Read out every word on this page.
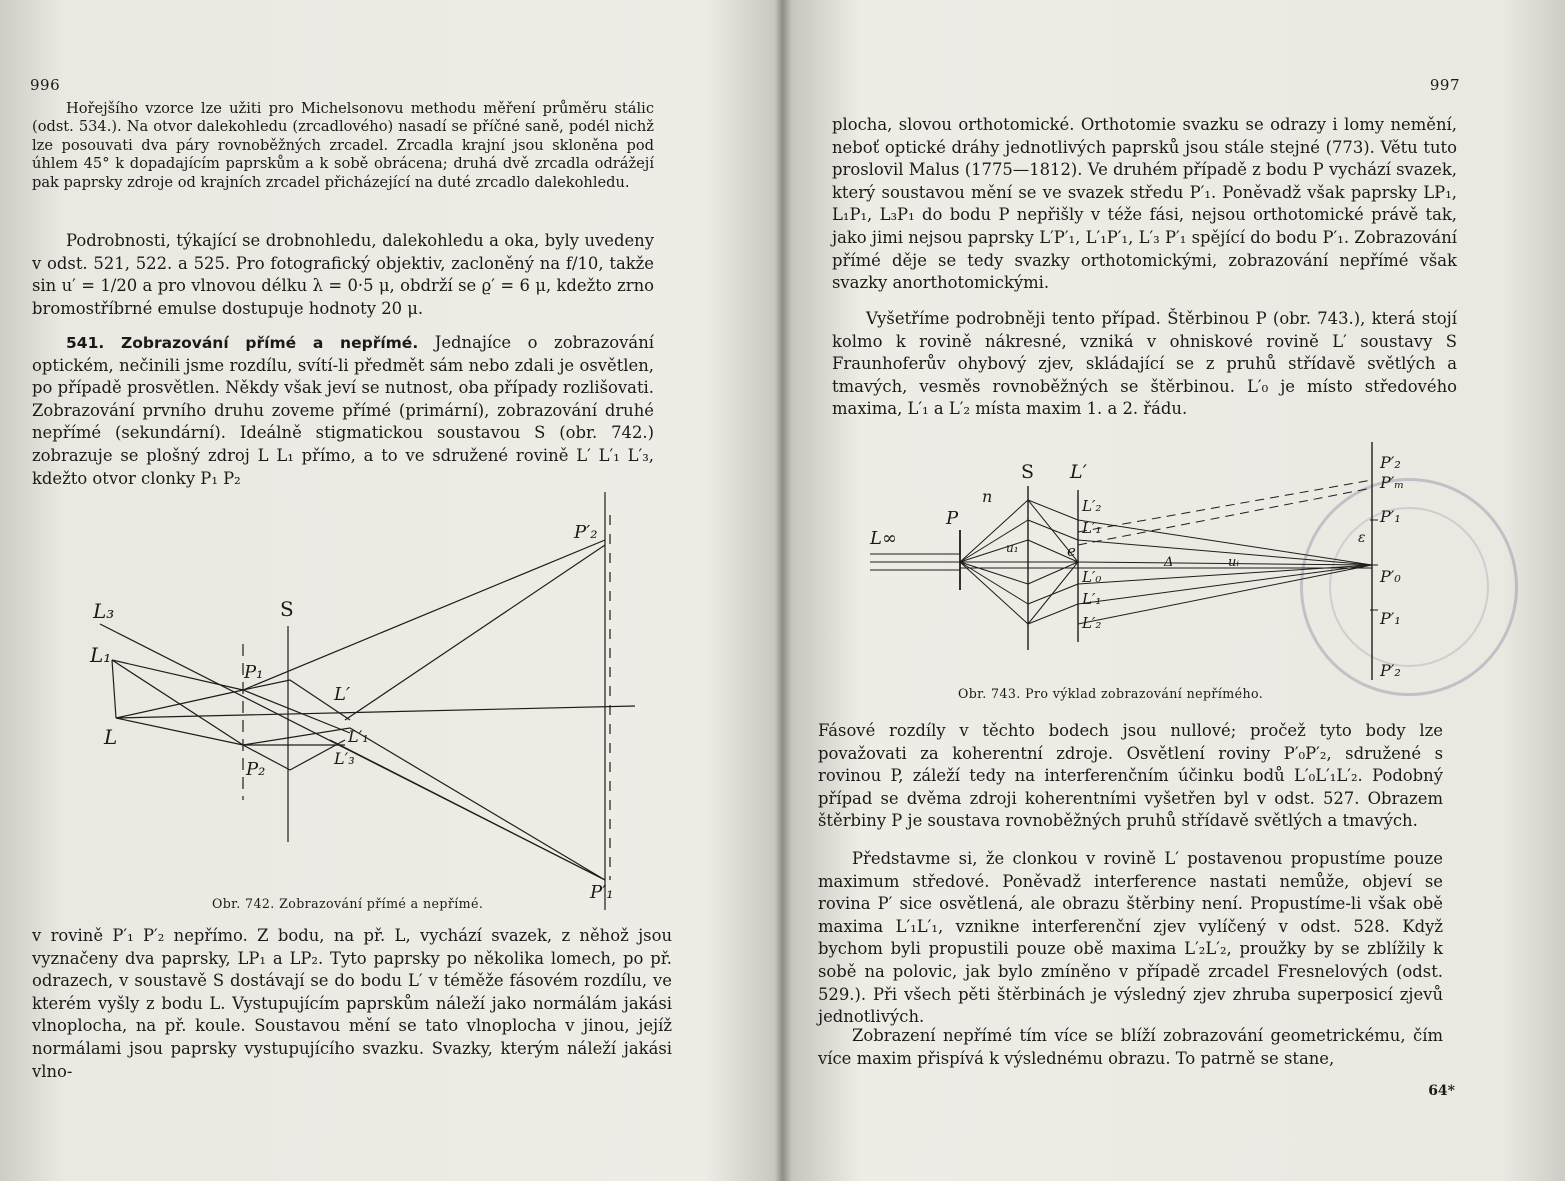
996

Hořejšího vzorce lze užiti pro Michelsonovu methodu měření průměru stálic (odst. 534.). Na otvor dalekohledu (zrcadlového) nasadí se příčné saně, podél nichž lze posouvati dva páry rovnoběžných zrcadel. Zrcadla krajní jsou skloněna pod úhlem 45° k dopadajícím paprskům a k sobě obrácena; druhá dvě zrcadla odrážejí pak paprsky zdroje od krajních zrcadel přicházející na duté zrcadlo dalekohledu.

Podrobnosti, týkající se drobnohledu, dalekohledu a oka, byly uvedeny v odst. 521, 522. a 525. Pro fotografický objektiv, zacloněný na f/10, takže sin u′ = 1/20 a pro vlnovou délku λ = 0·5 μ, obdrží se ϱ′ = 6 μ, kdežto zrno bromostříbrné emulse dostupuje hodnoty 20 μ.

541. Zobrazování přímé a nepřímé. Jednajíce o zobrazování optickém, nečinili jsme rozdílu, svítí-li předmět sám nebo zdali je osvětlen, po případě prosvětlen. Někdy však jeví se nutnost, oba případy rozlišovati. Zobrazování prvního druhu zoveme přímé (primární), zobrazování druhé nepřímé (sekundární). Ideálně stigmatickou soustavou S (obr. 742.) zobrazuje se plošný zdroj L L₁ přímo, a to ve sdružené rovině L′ L′₁ L′₃, kdežto otvor clonky P₁ P₂

L₃
L₁
L
S
P₁
P₂
L′
L′₁
L′₃
P′₂
P′₁
Obr. 742. Zobrazování přímé a nepřímé.

v rovině P′₁ P′₂ nepřímo. Z bodu, na př. L, vychází svazek, z něhož jsou vyznačeny dva paprsky, LP₁ a LP₂. Tyto paprsky po několika lomech, po př. odrazech, v soustavě S dostávají se do bodu L′ v téměže fásovém rozdílu, ve kterém vyšly z bodu L. Vystupujícím paprskům náleží jako normálám jakási vlnoplocha, na př. koule. Soustavou mění se tato vlnoplocha v jinou, jejíž normálami jsou paprsky vystupujícího svazku. Svazky, kterým náleží jakási vlno-

997

plocha, slovou orthotomické. Orthotomie svazku se odrazy i lomy nemění, neboť optické dráhy jednotlivých paprsků jsou stále stejné (773). Větu tuto proslovil Malus (1775—1812). Ve druhém případě z bodu P vychází svazek, který soustavou mění se ve svazek středu P′₁. Poněvadž však paprsky LP₁, L₁P₁, L₃P₁ do bodu P nepřišly v téže fási, nejsou orthotomické právě tak, jako jimi nejsou paprsky L′P′₁, L′₁P′₁, L′₃ P′₁ spějící do bodu P′₁. Zobrazování přímé děje se tedy svazky orthotomickými, zobrazování nepřímé však svazky anorthotomickými.

Vyšetříme podrobněji tento případ. Štěrbinou P (obr. 743.), která stojí kolmo k rovině nákresné, vzniká v ohniskové rovině L′ soustavy S Fraunhoferův ohybový zjev, skládající se z pruhů střídavě světlých a tmavých, vesměs rovnoběžných se štěrbinou. L′₀ je místo středového maxima, L′₁ a L′₂ místa maxim 1. a 2. řádu.

L∞
P
n
S L′
L′₂
L′₁
e
L′₀
L′₁
L′₂
u₁
Δ	uᵢ
ε
P′₂
P′ₘ
P′₁
P′₀
P′₁
P′₂
Obr. 743. Pro výklad zobrazování nepřímého.

Fásové rozdíly v těchto bodech jsou nullové; pročež tyto body lze považovati za koherentní zdroje. Osvětlení roviny P′₀P′₂, sdružené s rovinou P, záleží tedy na interferenčním účinku bodů L′₀L′₁L′₂. Podobný případ se dvěma zdroji koherentními vyšetřen byl v odst. 527. Obrazem štěrbiny P je soustava rovnoběžných pruhů střídavě světlých a tmavých.

Představme si, že clonkou v rovině L′ postavenou propustíme pouze maximum středové. Poněvadž interference nastati nemůže, objeví se rovina P′ sice osvětlená, ale obrazu štěrbiny není. Propustíme-li však obě maxima L′₁L′₁, vznikne interferenční zjev vylíčený v odst. 528. Když bychom byli propustili pouze obě maxima L′₂L′₂, proužky by se zblížily k sobě na polovic, jak bylo zmíněno v případě zrcadel Fresnelových (odst. 529.). Při všech pěti štěrbinách je výsledný zjev zhruba superposicí zjevů jednotlivých.

Zobrazení nepřímé tím více se blíží zobrazování geometrickému, čím více maxim přispívá k výslednému obrazu. To patrně se stane,

64*
